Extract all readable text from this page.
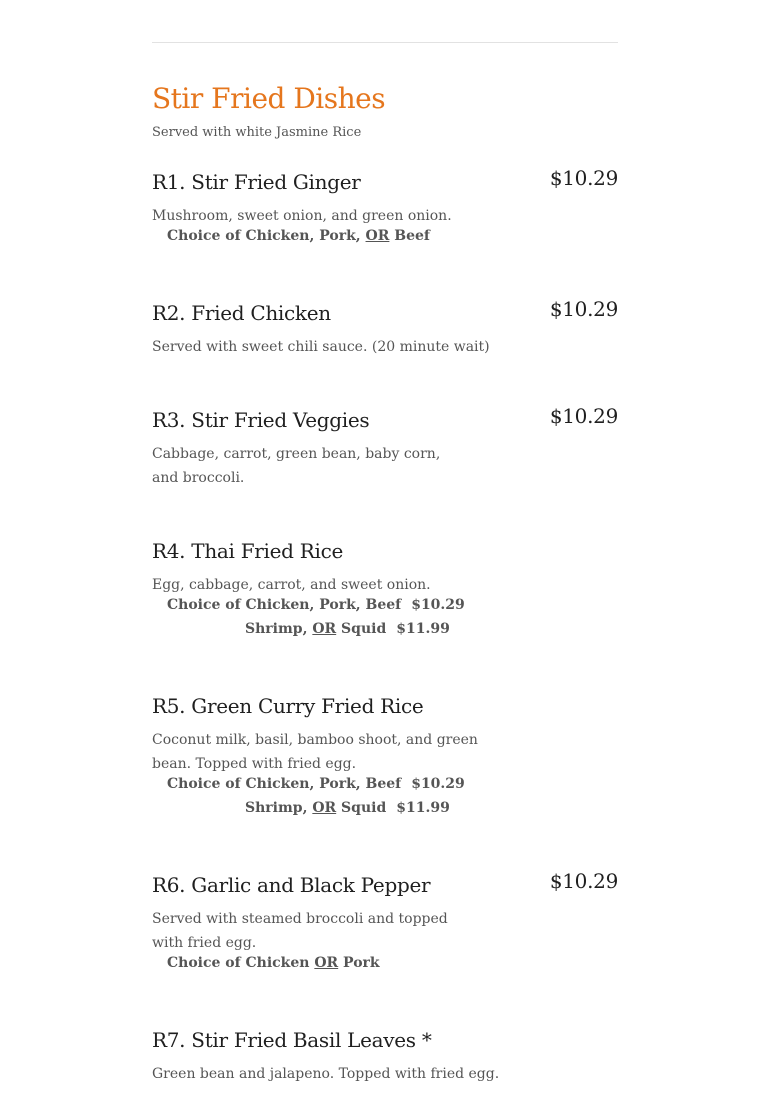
Stir Fried Dishes
Served with white Jasmine Rice
R1. Stir Fried Ginger	$10.29
Mushroom, sweet onion, and green onion.
Choice of Chicken, Pork, OR Beef
R2. Fried Chicken	$10.29
Served with sweet chili sauce. (20 minute wait)
R3. Stir Fried Veggies	$10.29
Cabbage, carrot, green bean, baby corn, and broccoli.
R4. Thai Fried Rice
Egg, cabbage, carrot, and sweet onion.
Choice of Chicken, Pork, Beef $10.29
Shrimp, OR Squid $11.99
R5. Green Curry Fried Rice
Coconut milk, basil, bamboo shoot, and green bean. Topped with fried egg.
Choice of Chicken, Pork, Beef $10.29
Shrimp, OR Squid $11.99
R6. Garlic and Black Pepper	$10.29
Served with steamed broccoli and topped with fried egg.
Choice of Chicken OR Pork
R7. Stir Fried Basil Leaves *
Green bean and jalapeno. Topped with fried egg.
